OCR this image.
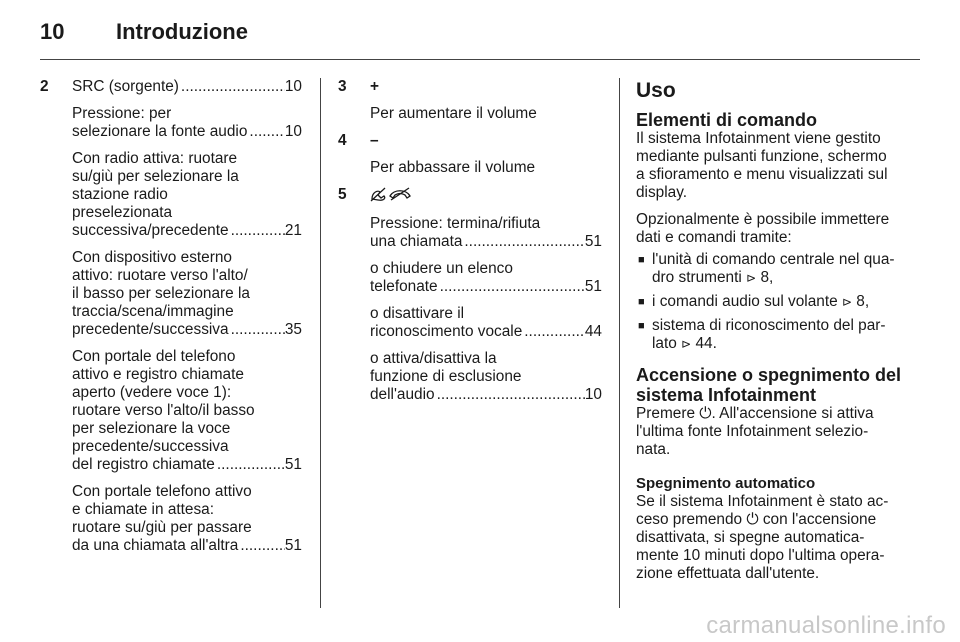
10	Introduzione
2	SRC (sorgente) .....	10
Pressione: per
selezionare la fonte audio ..... 10
Con radio attiva: ruotare
su/giù per selezionare la
stazione radio
preselezionata
successiva/precedente .....	21
Con dispositivo esterno
attivo: ruotare verso l'alto/
il basso per selezionare la
traccia/scena/immagine
precedente/successiva .....	35
Con portale del telefono
attivo e registro chiamate
aperto (vedere voce 1):
ruotare verso l'alto/il basso
per selezionare la voce
precedente/successiva
del registro chiamate .....	51
Con portale telefono attivo
e chiamate in attesa:
ruotare su/giù per passare
da una chiamata all'altra .....	51
3	+
Per aumentare il volume
4	–
Per abbassare il volume
5
Pressione: termina/rifiuta
una chiamata .....	51
o chiudere un elenco
telefonate .....	51
o disattivare il
riconoscimento vocale .....	44
o attiva/disattiva la
funzione di esclusione
dell'audio .....	10
Uso
Elementi di comando
Il sistema Infotainment viene gestito
mediante pulsanti funzione, schermo
a sfioramento e menu visualizzati sul
display.
Opzionalmente è possibile immettere
dati e comandi tramite:
■ l'unità di comando centrale nel qua-
dro strumenti ⊳ 8,
■ i comandi audio sul volante ⊳ 8,
■ sistema di riconoscimento del par-
lato ⊳ 44.
Accensione o spegnimento del
sistema Infotainment
Premere ⏻. All'accensione si attiva
l'ultima fonte Infotainment selezio-
nata.
Spegnimento automatico
Se il sistema Infotainment è stato ac-
ceso premendo ⏻ con l'accensione
disattivata, si spegne automatica-
mente 10 minuti dopo l'ultima opera-
zione effettuata dall'utente.
carmanualsonline.info
